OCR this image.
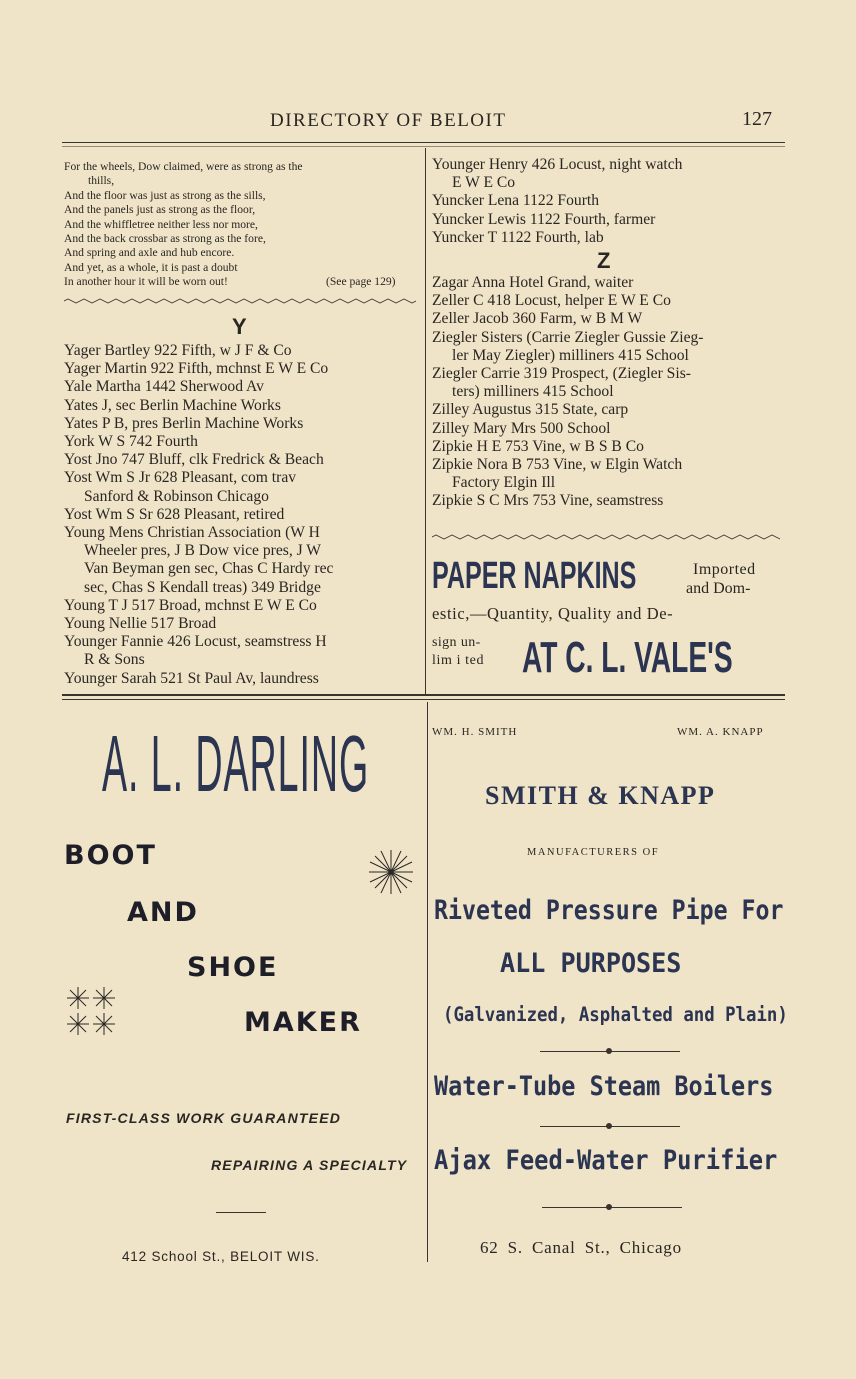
DIRECTORY OF BELOIT	127
For the wheels, Dow claimed, were as strong as the
thills,
And the floor was just as strong as the sills,
And the panels just as strong as the floor,
And the whiffletree neither less nor more,
And the back crossbar as strong as the fore,
And spring and axle and hub encore.
And yet, as a whole, it is past a doubt
In another hour it will be worn out!	(See page 129)
Y
Yager Bartley 922 Fifth, w J F & Co
Yager Martin 922 Fifth, mchnst E W E Co
Yale Martha 1442 Sherwood Av
Yates J, sec Berlin Machine Works
Yates P B, pres Berlin Machine Works
York W S 742 Fourth
Yost Jno 747 Bluff, clk Fredrick & Beach
Yost Wm S Jr 628 Pleasant, com trav
Sanford & Robinson Chicago
Yost Wm S Sr 628 Pleasant, retired
Young Mens Christian Association (W H
Wheeler pres, J B Dow vice pres, J W
Van Beyman gen sec, Chas C Hardy rec
sec, Chas S Kendall treas) 349 Bridge
Young T J 517 Broad, mchnst E W E Co
Young Nellie 517 Broad
Younger Fannie 426 Locust, seamstress H
R & Sons
Younger Sarah 521 St Paul Av, laundress
Younger Henry 426 Locust, night watch
E W E Co
Yuncker Lena 1122 Fourth
Yuncker Lewis 1122 Fourth, farmer
Yuncker T 1122 Fourth, lab
Z
Zagar Anna Hotel Grand, waiter
Zeller C 418 Locust, helper E W E Co
Zeller Jacob 360 Farm, w B M W
Ziegler Sisters (Carrie Ziegler Gussie Zieg-
ler May Ziegler) milliners 415 School
Ziegler Carrie 319 Prospect, (Ziegler Sis-
ters) milliners 415 School
Zilley Augustus 315 State, carp
Zilley Mary Mrs 500 School
Zipkie H E 753 Vine, w B S B Co
Zipkie Nora B 753 Vine, w Elgin Watch
Factory Elgin Ill
Zipkie S C Mrs 753 Vine, seamstress
PAPER NAPKINS	Imported
and Dom-
estic,—Quantity, Quality and De-
sign un-
lim i ted AT C. L. VALE'S
A. L. DARLING
BOOT
AND
SHOE
MAKER
FIRST-CLASS WORK GUARANTEED
REPAIRING A SPECIALTY
412 School St., BELOIT WIS.
WM. H. SMITH	WM. A. KNAPP
SMITH & KNAPP
MANUFACTURERS OF
Riveted Pressure Pipe For
ALL PURPOSES
(Galvanized, Asphalted and Plain)
Water-Tube Steam Boilers
Ajax Feed-Water Purifier
62 S. Canal St., Chicago
